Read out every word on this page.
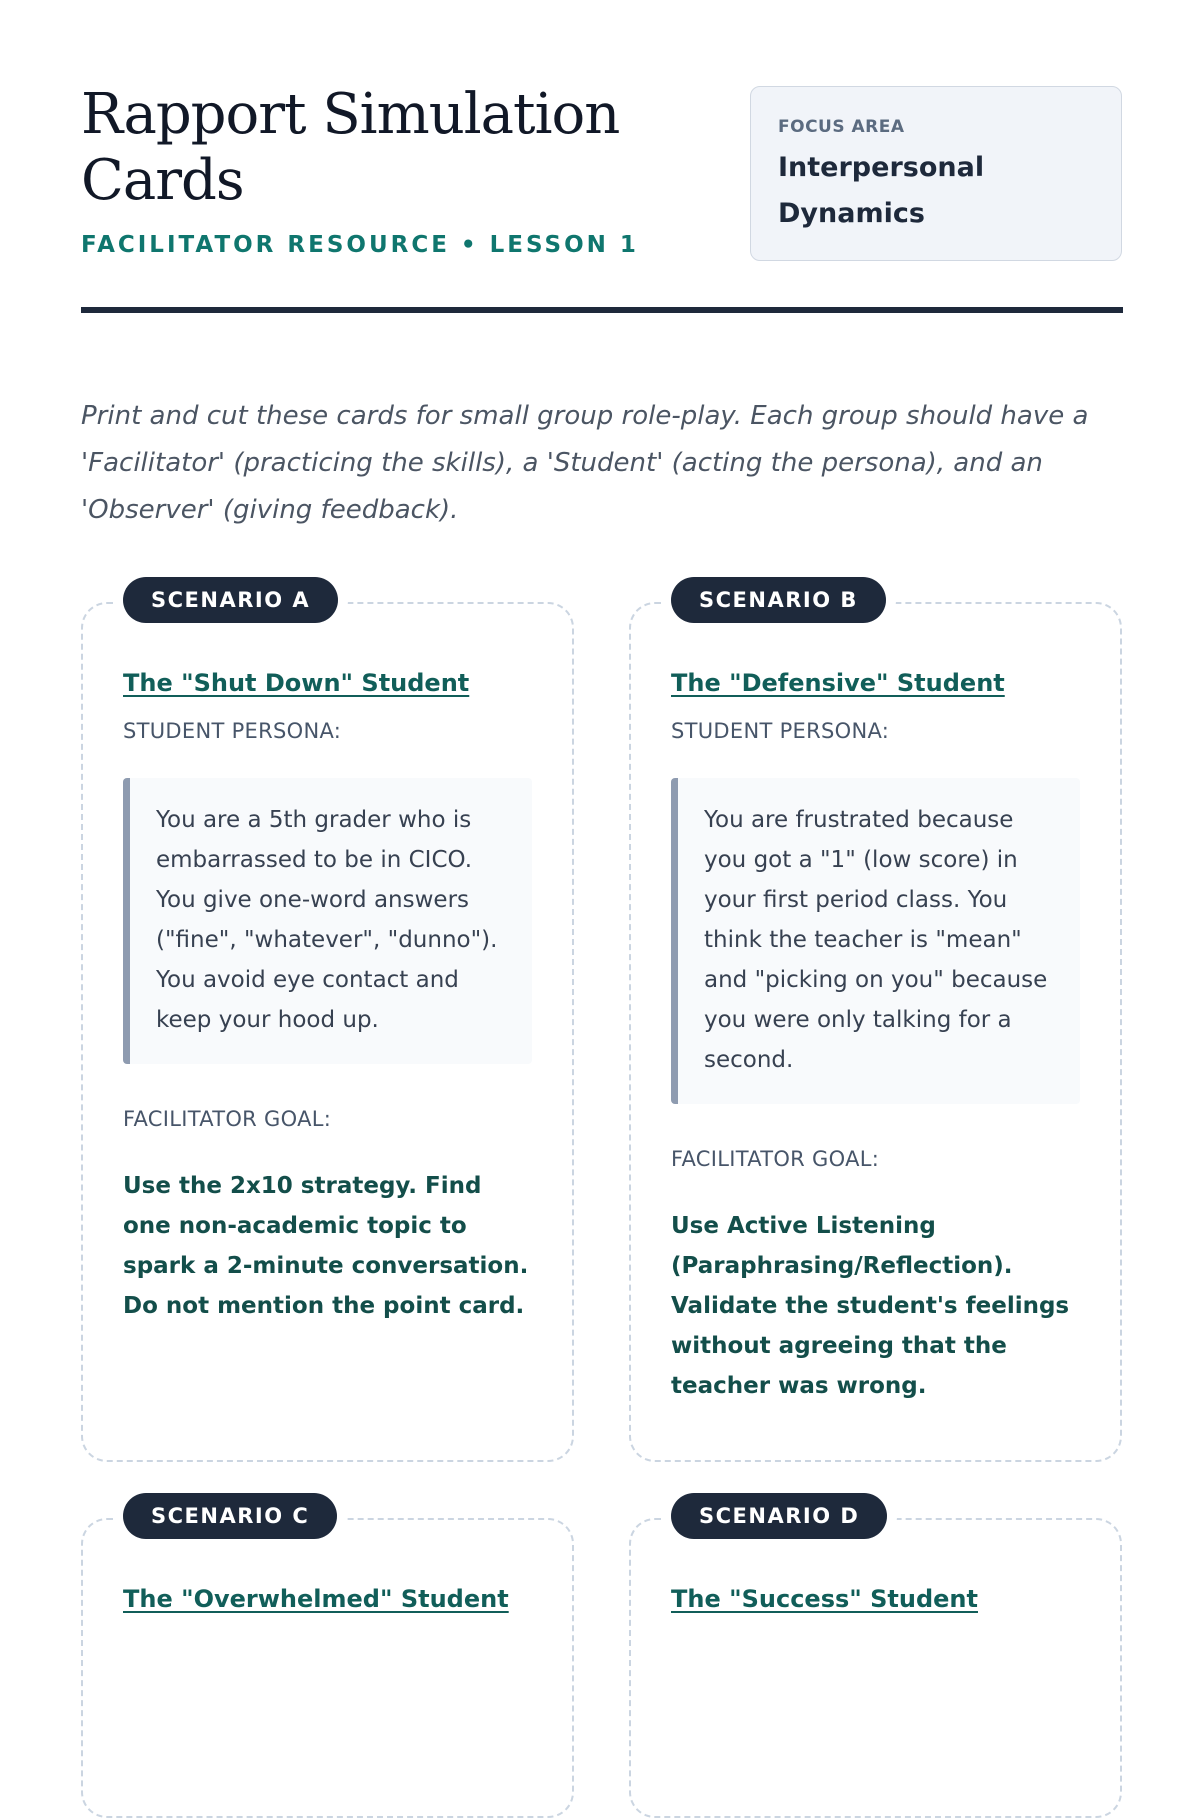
Rapport Simulation Cards
FACILITATOR RESOURCE • LESSON 1
FOCUS AREA
Interpersonal Dynamics

Print and cut these cards for small group role-play. Each group should have a 'Facilitator' (practicing the skills), a 'Student' (acting the persona), and an 'Observer' (giving feedback).

SCENARIO A
The "Shut Down" Student
STUDENT PERSONA:
You are a 5th grader who is embarrassed to be in CICO. You give one-word answers ("fine", "whatever", "dunno"). You avoid eye contact and keep your hood up.
FACILITATOR GOAL:
Use the 2x10 strategy. Find one non-academic topic to spark a 2-minute conversation. Do not mention the point card.
SCENARIO B
The "Defensive" Student
STUDENT PERSONA:
You are frustrated because you got a "1" (low score) in your first period class. You think the teacher is "mean" and "picking on you" because you were only talking for a second.
FACILITATOR GOAL:
Use Active Listening (Paraphrasing/Reflection). Validate the student's feelings without agreeing that the teacher was wrong.
SCENARIO C
The "Overwhelmed" Student
SCENARIO D
The "Success" Student
